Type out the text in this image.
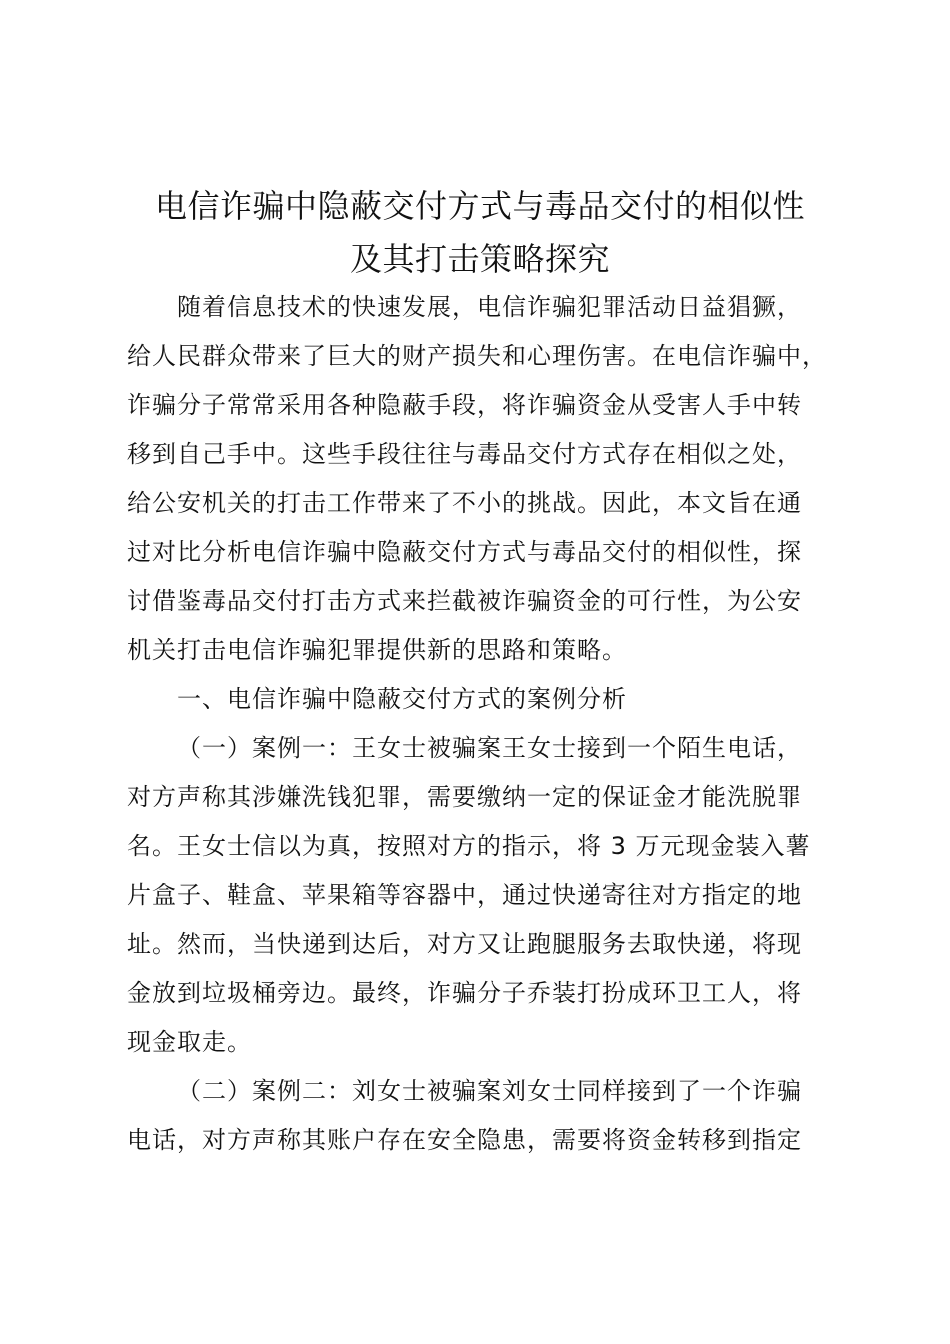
电信诈骗中隐蔽交付方式与毒品交付的相似性
及其打击策略探究

随着信息技术的快速发展，电信诈骗犯罪活动日益猖獗，
给人民群众带来了巨大的财产损失和心理伤害。在电信诈骗中，
诈骗分子常常采用各种隐蔽手段，将诈骗资金从受害人手中转
移到自己手中。这些手段往往与毒品交付方式存在相似之处，
给公安机关的打击工作带来了不小的挑战。因此，本文旨在通
过对比分析电信诈骗中隐蔽交付方式与毒品交付的相似性，探
讨借鉴毒品交付打击方式来拦截被诈骗资金的可行性，为公安
机关打击电信诈骗犯罪提供新的思路和策略。

一、电信诈骗中隐蔽交付方式的案例分析

（一）案例一：王女士被骗案王女士接到一个陌生电话，
对方声称其涉嫌洗钱犯罪，需要缴纳一定的保证金才能洗脱罪
名。王女士信以为真，按照对方的指示，将 3 万元现金装入薯
片盒子、鞋盒、苹果箱等容器中，通过快递寄往对方指定的地
址。然而，当快递到达后，对方又让跑腿服务去取快递，将现
金放到垃圾桶旁边。最终，诈骗分子乔装打扮成环卫工人，将
现金取走。

（二）案例二：刘女士被骗案刘女士同样接到了一个诈骗
电话，对方声称其账户存在安全隐患，需要将资金转移到指定
